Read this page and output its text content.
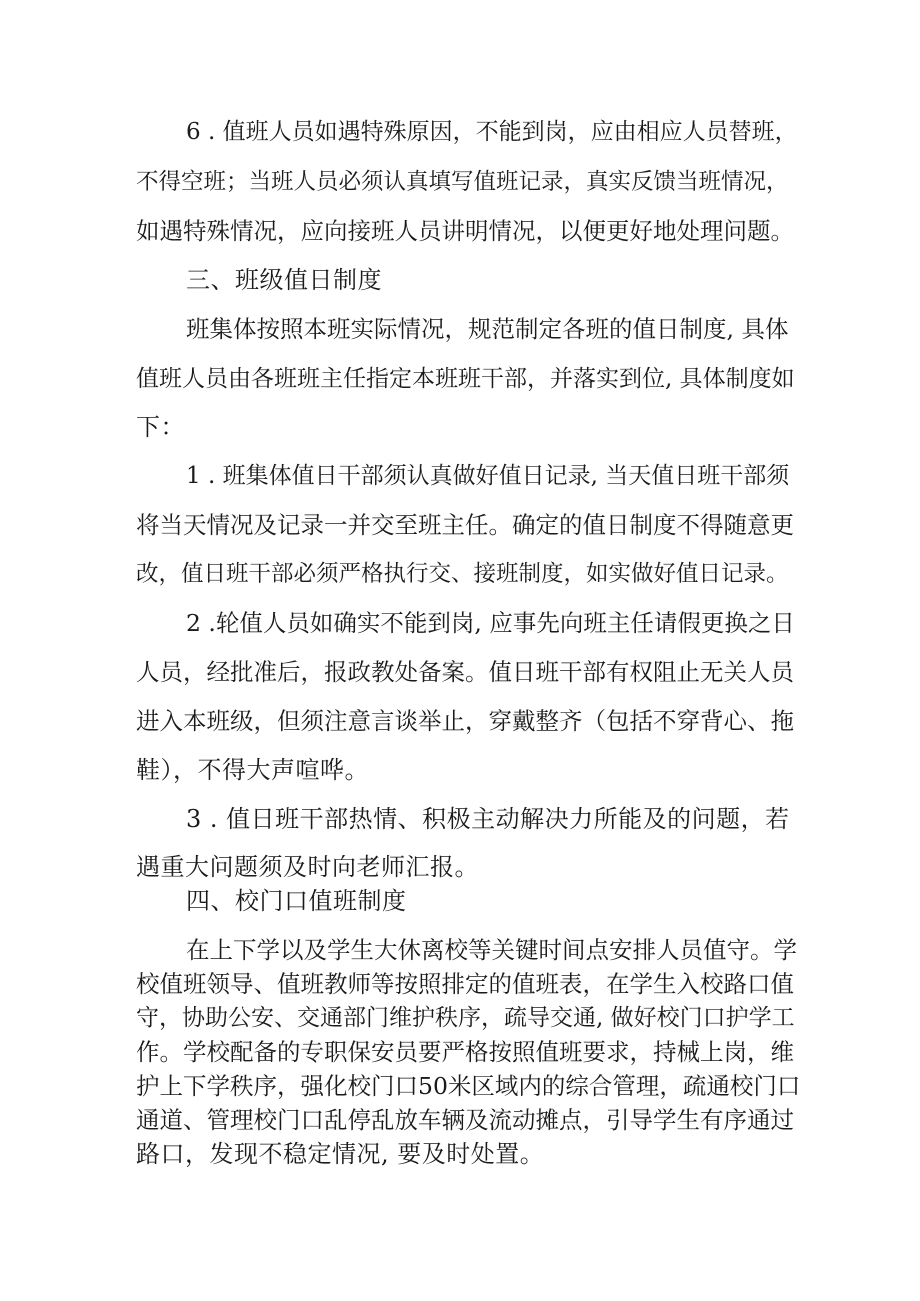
6 . 值班人员如遇特殊原因，不能到岗，应由相应人员替班，
不得空班；当班人员必须认真填写值班记录，真实反馈当班情况，
如遇特殊情况，应向接班人员讲明情况，以便更好地处理问题。
三、班级值日制度
班集体按照本班实际情况，规范制定各班的值日制度, 具体
值班人员由各班班主任指定本班班干部，并落实到位, 具体制度如
下：
1 . 班集体值日干部须认真做好值日记录, 当天值日班干部须
将当天情况及记录一并交至班主任。确定的值日制度不得随意更
改，值日班干部必须严格执行交、接班制度，如实做好值日记录。
2 .轮值人员如确实不能到岗, 应事先向班主任请假更换之日
人员，经批准后，报政教处备案。值日班干部有权阻止无关人员
进入本班级，但须注意言谈举止，穿戴整齐（包括不穿背心、拖
鞋），不得大声喧哗。
3 . 值日班干部热情、积极主动解决力所能及的问题，若
遇重大问题须及时向老师汇报。
四、校门口值班制度
在上下学以及学生大休离校等关键时间点安排人员值守。学
校值班领导、值班教师等按照排定的值班表，在学生入校路口值
守，协助公安、交通部门维护秩序，疏导交通, 做好校门口护学工
作。学校配备的专职保安员要严格按照值班要求，持械上岗，维
护上下学秩序，强化校门口50米区域内的综合管理，疏通校门口
通道、管理校门口乱停乱放车辆及流动摊点，引导学生有序通过
路口，发现不稳定情况, 要及时处置。
